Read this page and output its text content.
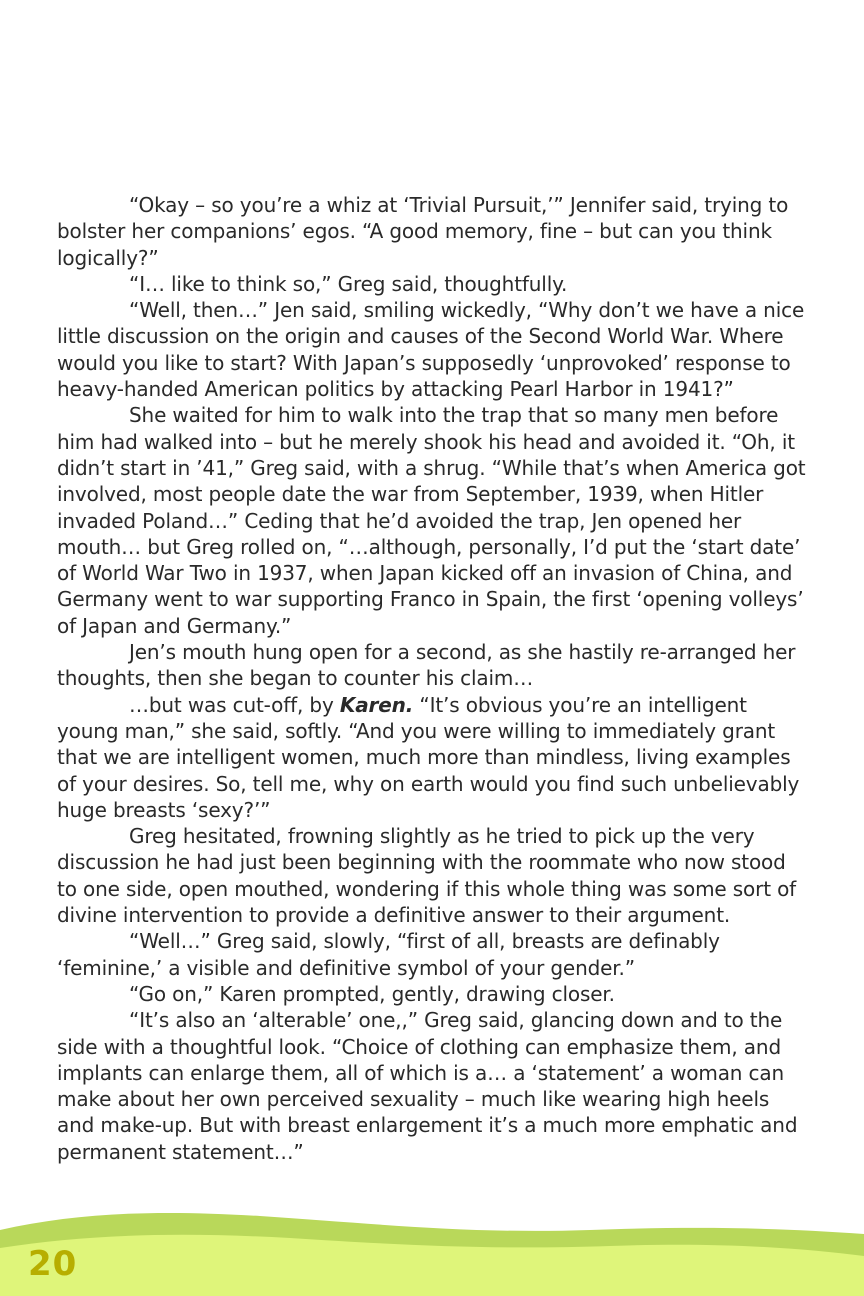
“Okay – so you’re a whiz at ‘Trivial Pursuit,’” Jennifer said, trying to bolster her companions’ egos. “A good memory, fine – but can you think logically?”

“I… like to think so,” Greg said, thoughtfully.

“Well, then…” Jen said, smiling wickedly, “Why don’t we have a nice little discussion on the origin and causes of the Second World War. Where would you like to start? With Japan’s supposedly ‘unprovoked’ response to heavy-handed American politics by attacking Pearl Harbor in 1941?”

She waited for him to walk into the trap that so many men before him had walked into – but he merely shook his head and avoided it. “Oh, it didn’t start in ’41,” Greg said, with a shrug. “While that’s when America got involved, most people date the war from September, 1939, when Hitler invaded Poland…” Ceding that he’d avoided the trap, Jen opened her mouth… but Greg rolled on, “…although, personally, I’d put the ‘start date’ of World War Two in 1937, when Japan kicked off an invasion of China, and Germany went to war supporting Franco in Spain, the first ‘opening volleys’ of Japan and Germany.”

Jen’s mouth hung open for a second, as she hastily re-arranged her thoughts, then she began to counter his claim…

…but was cut-off, by Karen. “It’s obvious you’re an intelligent young man,” she said, softly. “And you were willing to immediately grant that we are intelligent women, much more than mindless, living examples of your desires. So, tell me, why on earth would you find such unbelievably huge breasts ‘sexy?’”

Greg hesitated, frowning slightly as he tried to pick up the very discussion he had just been beginning with the roommate who now stood to one side, open mouthed, wondering if this whole thing was some sort of divine intervention to provide a definitive answer to their argument.

“Well…” Greg said, slowly, “first of all, breasts are definably ‘feminine,’ a visible and definitive symbol of your gender.”

“Go on,” Karen prompted, gently, drawing closer.

“It’s also an ‘alterable’ one,,” Greg said, glancing down and to the side with a thoughtful look. “Choice of clothing can emphasize them, and implants can enlarge them, all of which is a… a ‘statement’ a woman can make about her own perceived sexuality – much like wearing high heels and make-up. But with breast enlargement it’s a much more emphatic and permanent statement…”

20
